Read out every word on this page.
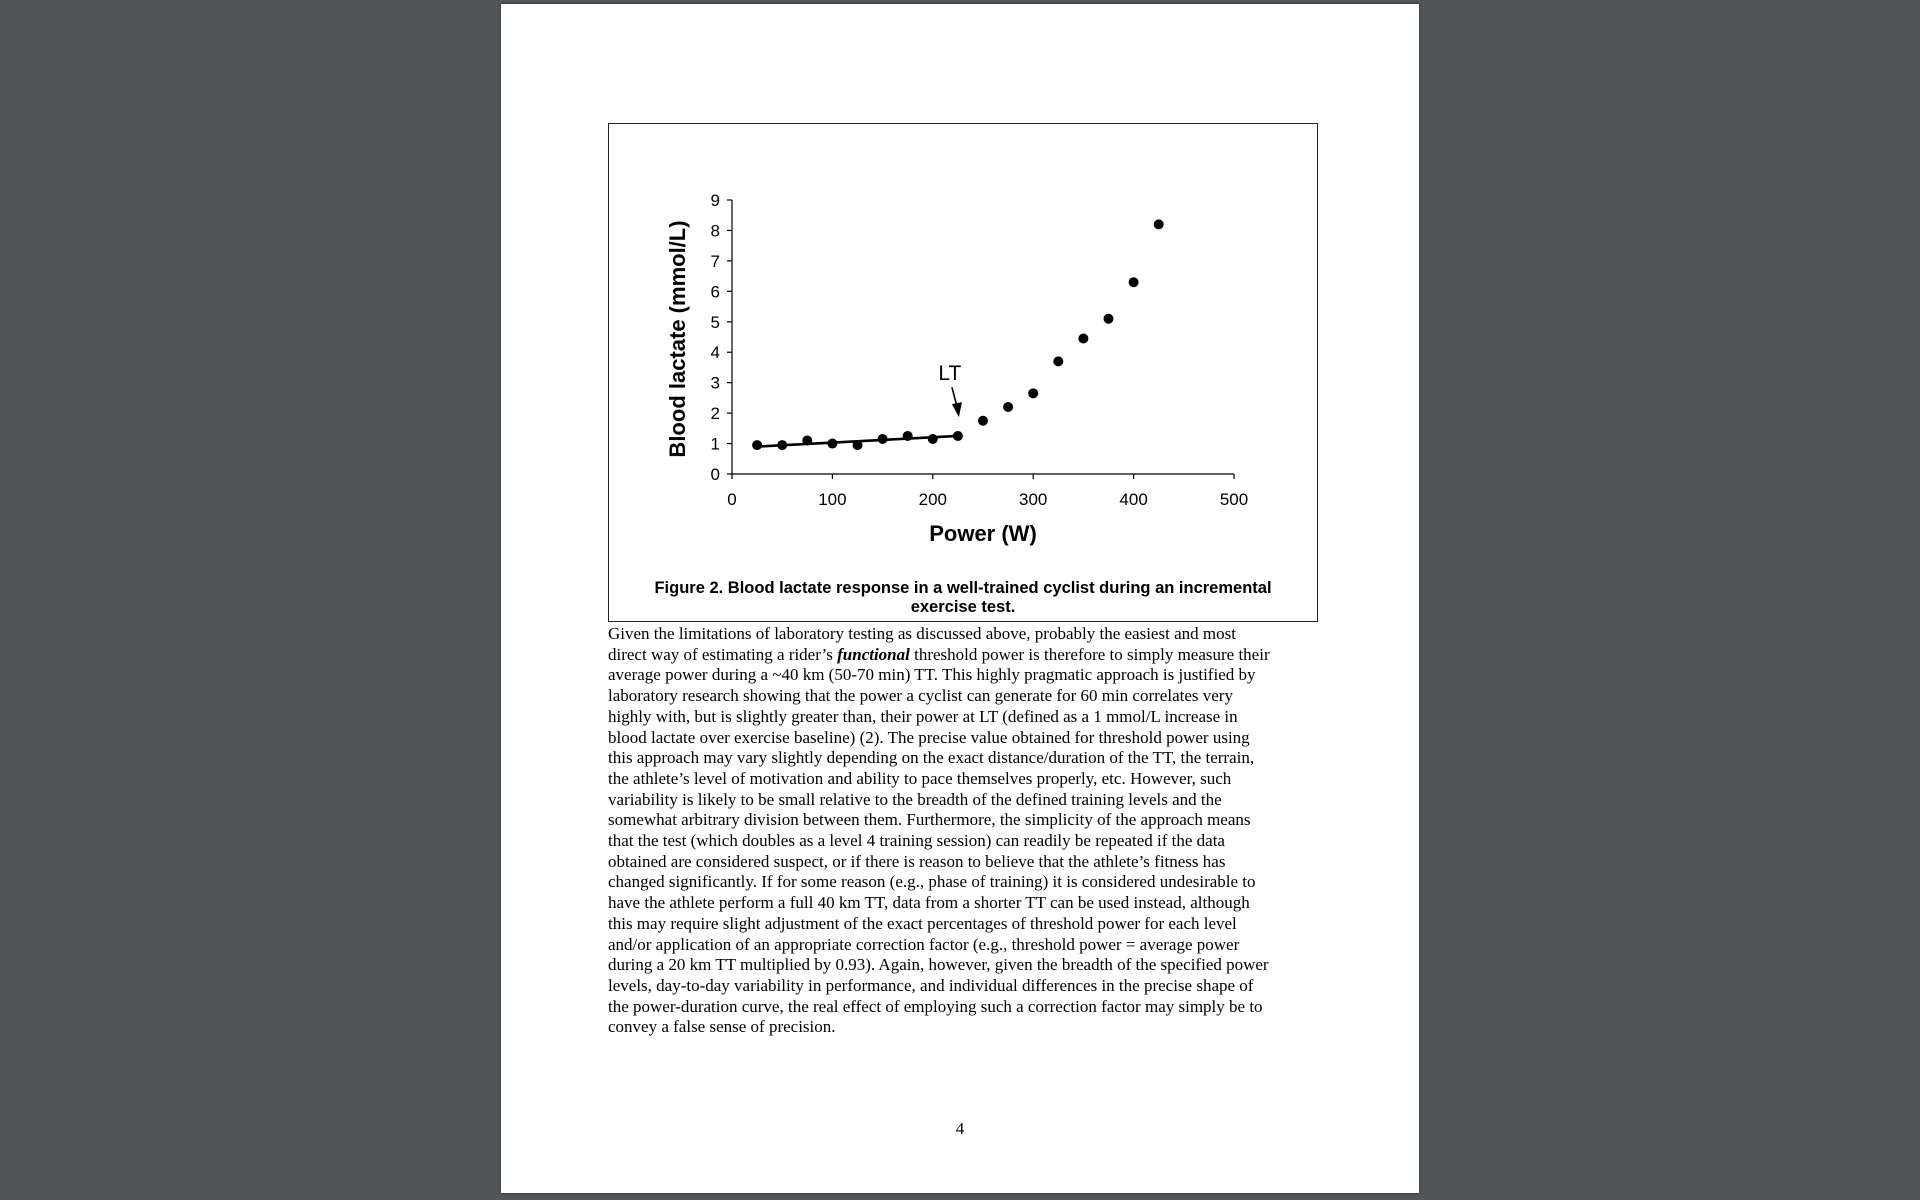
0
1
2
3
4
5
6
7
8
9
0	100	200	300	400	500
Power (W)
Blood lactate (mmol/L)	LT
Figure 2. Blood lactate response in a well-trained cyclist during an incremental exercise test.
Given the limitations of laboratory testing as discussed above, probably the easiest and most
direct way of estimating a rider’s functional threshold power is therefore to simply measure their
average power during a ~40 km (50-70 min) TT. This highly pragmatic approach is justified by
laboratory research showing that the power a cyclist can generate for 60 min correlates very
highly with, but is slightly greater than, their power at LT (defined as a 1 mmol/L increase in
blood lactate over exercise baseline) (2). The precise value obtained for threshold power using
this approach may vary slightly depending on the exact distance/duration of the TT, the terrain,
the athlete’s level of motivation and ability to pace themselves properly, etc. However, such
variability is likely to be small relative to the breadth of the defined training levels and the
somewhat arbitrary division between them. Furthermore, the simplicity of the approach means
that the test (which doubles as a level 4 training session) can readily be repeated if the data
obtained are considered suspect, or if there is reason to believe that the athlete’s fitness has
changed significantly. If for some reason (e.g., phase of training) it is considered undesirable to
have the athlete perform a full 40 km TT, data from a shorter TT can be used instead, although
this may require slight adjustment of the exact percentages of threshold power for each level
and/or application of an appropriate correction factor (e.g., threshold power = average power
during a 20 km TT multiplied by 0.93). Again, however, given the breadth of the specified power
levels, day-to-day variability in performance, and individual differences in the precise shape of
the power-duration curve, the real effect of employing such a correction factor may simply be to
convey a false sense of precision.
4
